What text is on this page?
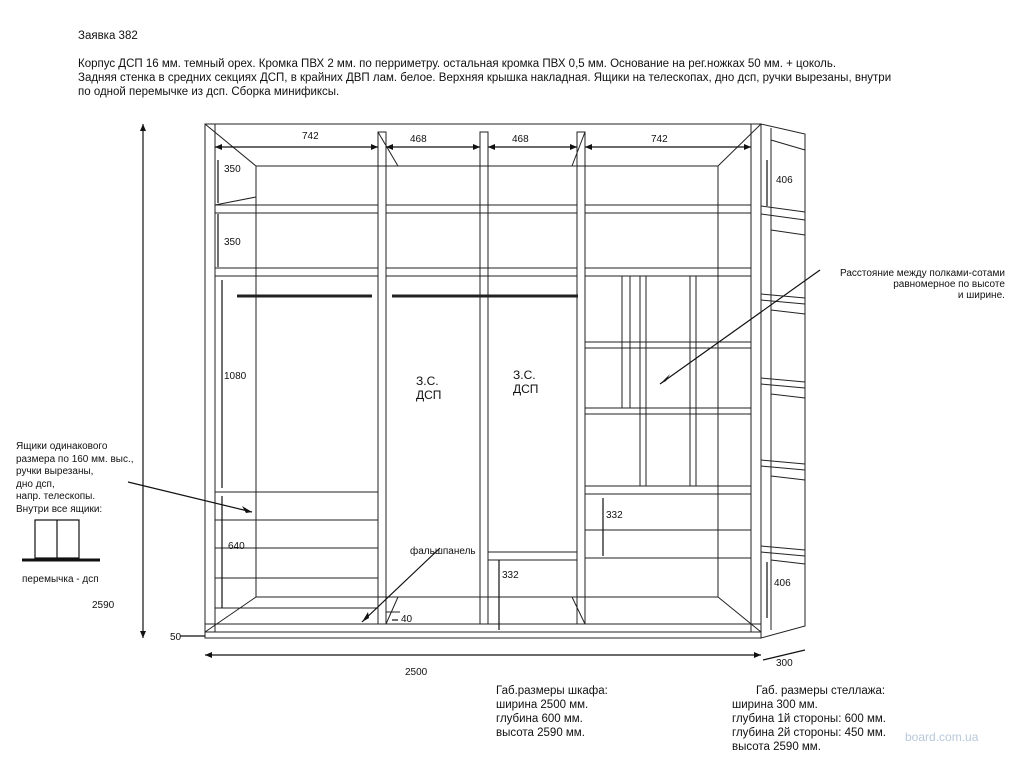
Заявка 382
Корпус ДСП 16 мм. темный орех. Кромка ПВХ 2 мм. по перриметру. остальная кромка ПВХ 0,5 мм. Основание на рег.ножках 50 мм. + цоколь.
Задняя стенка в средних секциях ДСП, в крайних ДВП лам. белое. Верхняя крышка накладная. Ящики на телескопах, дно дсп, ручки вырезаны, внутри
по одной перемычке из дсп. Сборка минификсы.
742	468	468	742
350
350
1080
640
332
332
40
50
2590
2500
406
406
300
З.С.
ДСП
З.С.
ДСП
фальшпанель
Расстояние между полками-сотами
равномерное по высоте
и ширине.
Ящики одинакового
размера по 160 мм. выс.,
ручки вырезаны,
дно дсп,
напр. телескопы.
Внутри все ящики:
перемычка - дсп
Габ.размеры шкафа:
ширина 2500 мм.
глубина 600 мм.
высота 2590 мм.
Габ. размеры стеллажа:
ширина 300 мм.
глубина 1й стороны: 600 мм.
глубина 2й стороны: 450 мм.
высота 2590 мм.
board.com.ua
